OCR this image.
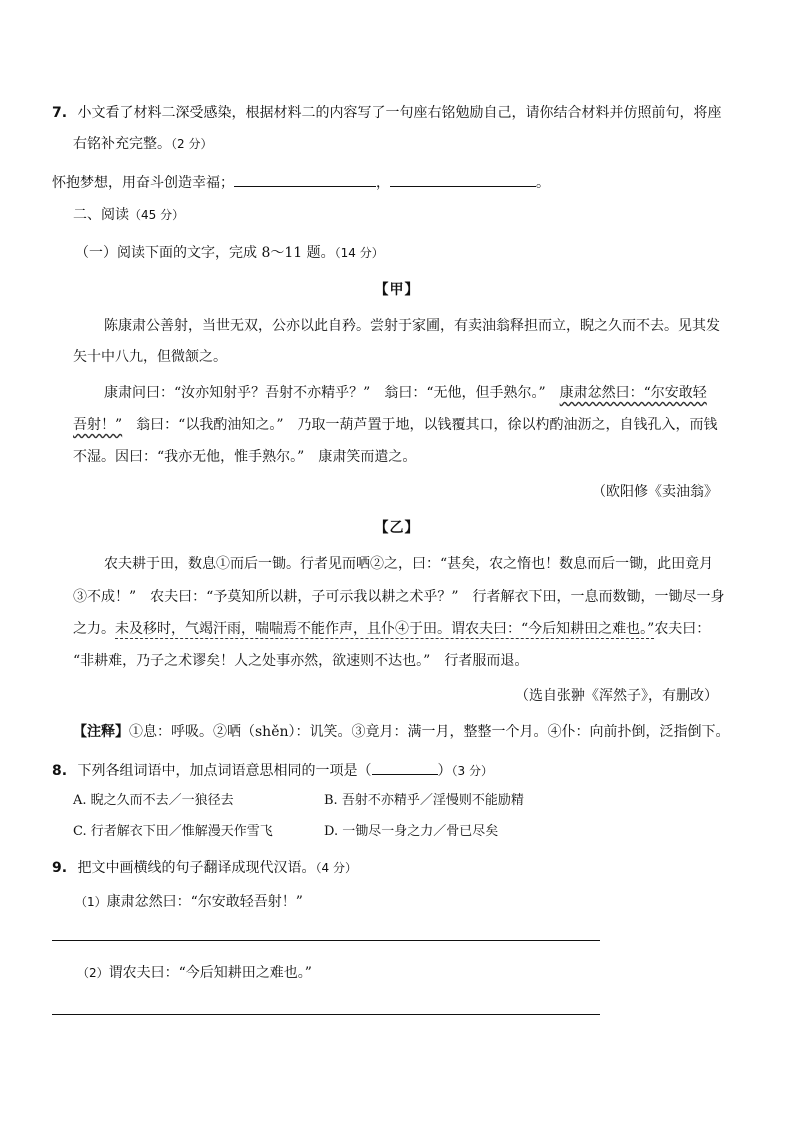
7. 小文看了材料二深受感染，根据材料二的内容写了一句座右铭勉励自己，请你结合材料并仿照前句，将座
右铭补充完整。（2 分）
怀抱梦想，用奋斗创造幸福；	，	。
二、阅读（45 分）
（一）阅读下面的文字，完成 8～11 题。（14 分）
【甲】
陈康肃公善射，当世无双，公亦以此自矜。尝射于家圃，有卖油翁释担而立，睨之久而不去。见其发
矢十中八九，但微颔之。
康肃问曰：“汝亦知射乎？吾射不亦精乎？”　翁曰：“无他，但手熟尔。”　康肃忿然曰：“尔安敢轻
吾射！”　翁曰：“以我酌油知之。”　乃取一葫芦置于地，以钱覆其口，徐以杓酌油沥之，自钱孔入，而钱
不湿。因曰：“我亦无他，惟手熟尔。”　康肃笑而遣之。
（欧阳修《卖油翁》
【乙】
农夫耕于田，数息①而后一锄。行者见而哂②之，曰：“甚矣，农之惰也！数息而后一锄，此田竟月
③不成！”　农夫曰：“予莫知所以耕，子可示我以耕之术乎？”　行者解衣下田，一息而数锄，一锄尽一身
之力。未及移时，气竭汗雨，喘喘焉不能作声，且仆④于田。谓农夫曰：“今后知耕田之难也。”农夫曰：
“非耕难，乃子之术谬矣！人之处事亦然，欲速则不达也。”　行者服而退。
（选自张翀《浑然子》，有删改）
【注释】①息：呼吸。②哂（shěn）：讥笑。③竟月：满一月，整整一个月。④仆：向前扑倒，泛指倒下。
8. 下列各组词语中，加点词语意思相同的一项是（	）（3 分）
A. 睨之久而不去／一狼径去	B. 吾射不亦精乎／淫慢则不能励精
C. 行者解衣下田／惟解漫天作雪飞	D. 一锄尽一身之力／骨已尽矣
9. 把文中画横线的句子翻译成现代汉语。（4 分）
（1）康肃忿然曰：“尔安敢轻吾射！”
（2）谓农夫曰：“今后知耕田之难也。”
